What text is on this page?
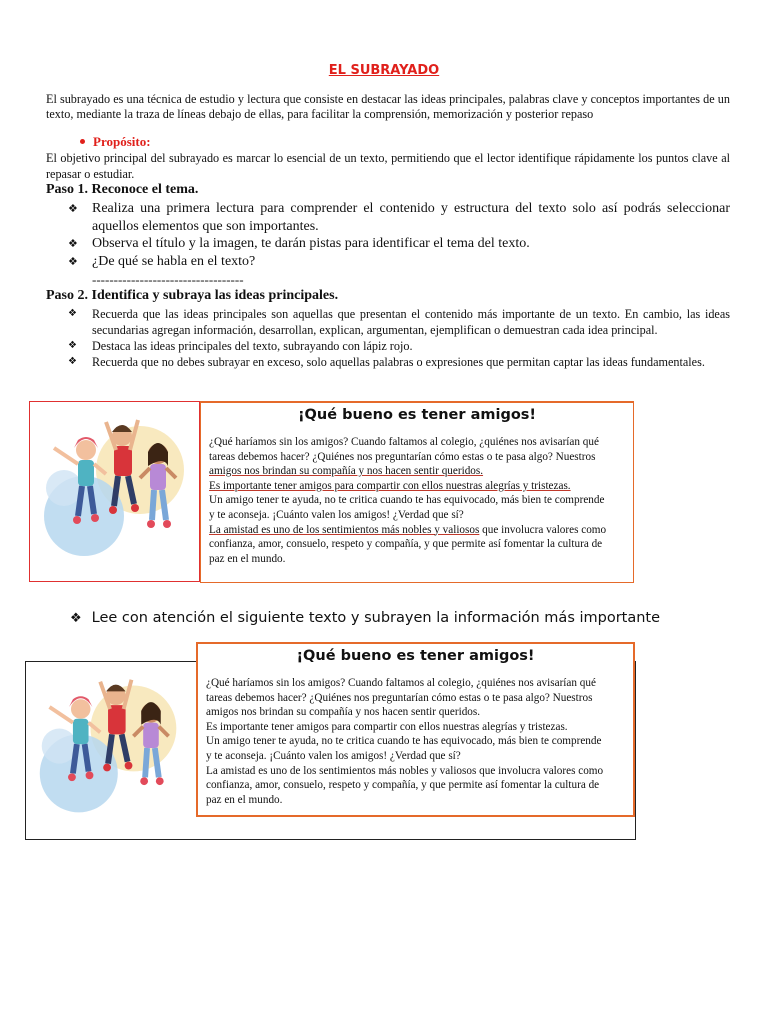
EL SUBRAYADO

El subrayado es una técnica de estudio y lectura que consiste en destacar las ideas principales, palabras clave y conceptos importantes de un texto, mediante la traza de líneas debajo de ellas, para facilitar la comprensión, memorización y posterior repaso

Propósito:

El objetivo principal del subrayado es marcar lo esencial de un texto, permitiendo que el lector identifique rápidamente los puntos clave al repasar o estudiar.

Paso 1. Reconoce el tema.

❖ Realiza una primera lectura para comprender el contenido y estructura del texto solo así podrás seleccionar aquellos elementos que son importantes.
❖ Observa el título y la imagen, te darán pistas para identificar el tema del texto.
❖ ¿De qué se habla en el texto?
-----------------------------------

Paso 2. Identifica y subraya las ideas principales.

❖ Recuerda que las ideas principales son aquellas que presentan el contenido más importante de un texto. En cambio, las ideas secundarias agregan información, desarrollan, explican, argumentan, ejemplifican o demuestran cada idea principal.
❖ Destaca las ideas principales del texto, subrayando con lápiz rojo.
❖ Recuerda que no debes subrayar en exceso, solo aquellas palabras o expresiones que permitan captar las ideas fundamentales.
¡Qué bueno es tener amigos!
¿Qué haríamos sin los amigos? Cuando faltamos al colegio, ¿quiénes nos avisarían qué
tareas debemos hacer? ¿Quiénes nos preguntarían cómo estas o te pasa algo? Nuestros
amigos nos brindan su compañía y nos hacen sentir queridos.
Es importante tener amigos para compartir con ellos nuestras alegrías y tristezas.
Un amigo tener te ayuda, no te critica cuando te has equivocado, más bien te comprende
y te aconseja. ¡Cuánto valen los amigos! ¿Verdad que sí?
La amistad es uno de los sentimientos más nobles y valiosos que involucra valores como
confianza, amor, consuelo, respeto y compañía, y que permite así fomentar la cultura de
paz en el mundo.
❖ Lee con atención el siguiente texto y subrayen la información más importante
¡Qué bueno es tener amigos!
¿Qué haríamos sin los amigos? Cuando faltamos al colegio, ¿quiénes nos avisarían qué
tareas debemos hacer? ¿Quiénes nos preguntarían cómo estas o te pasa algo? Nuestros
amigos nos brindan su compañía y nos hacen sentir queridos.
Es importante tener amigos para compartir con ellos nuestras alegrías y tristezas.
Un amigo tener te ayuda, no te critica cuando te has equivocado, más bien te comprende
y te aconseja. ¡Cuánto valen los amigos! ¿Verdad que sí?
La amistad es uno de los sentimientos más nobles y valiosos que involucra valores como
confianza, amor, consuelo, respeto y compañía, y que permite así fomentar la cultura de
paz en el mundo.
